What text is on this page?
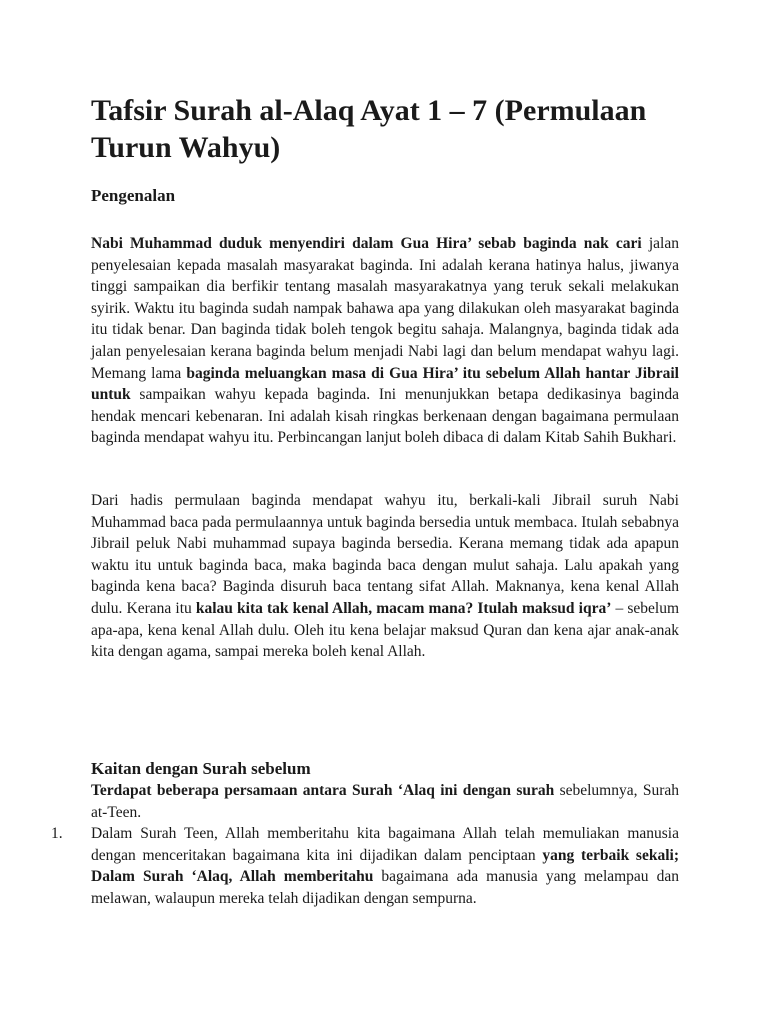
Tafsir Surah al-Alaq Ayat 1 – 7 (Permulaan Turun Wahyu)
Pengenalan

Nabi Muhammad duduk menyendiri dalam Gua Hira’ sebab baginda nak cari jalan penyelesaian kepada masalah masyarakat baginda. Ini adalah kerana hatinya halus, jiwanya tinggi sampaikan dia berfikir tentang masalah masyarakatnya yang teruk sekali melakukan syirik. Waktu itu baginda sudah nampak bahawa apa yang dilakukan oleh masyarakat baginda itu tidak benar. Dan baginda tidak boleh tengok begitu sahaja. Malangnya, baginda tidak ada jalan penyelesaian kerana baginda belum menjadi Nabi lagi dan belum mendapat wahyu lagi. Memang lama baginda meluangkan masa di Gua Hira’ itu sebelum Allah hantar Jibrail untuk sampaikan wahyu kepada baginda. Ini menunjukkan betapa dedikasinya baginda hendak mencari kebenaran. Ini adalah kisah ringkas berkenaan dengan bagaimana permulaan baginda mendapat wahyu itu. Perbincangan lanjut boleh dibaca di dalam Kitab Sahih Bukhari.

Dari hadis permulaan baginda mendapat wahyu itu, berkali-kali Jibrail suruh Nabi Muhammad baca pada permulaannya untuk baginda bersedia untuk membaca. Itulah sebabnya Jibrail peluk Nabi muhammad supaya baginda bersedia. Kerana memang tidak ada apapun waktu itu untuk baginda baca, maka baginda baca dengan mulut sahaja. Lalu apakah yang baginda kena baca? Baginda disuruh baca tentang sifat Allah. Maknanya, kena kenal Allah dulu. Kerana itu kalau kita tak kenal Allah, macam mana? Itulah maksud iqra’ – sebelum apa-apa, kena kenal Allah dulu. Oleh itu kena belajar maksud Quran dan kena ajar anak-anak kita dengan agama, sampai mereka boleh kenal Allah.

Kaitan dengan Surah sebelum

Terdapat beberapa persamaan antara Surah ‘Alaq ini dengan surah sebelumnya, Surah at-Teen.

1. Dalam Surah Teen, Allah memberitahu kita bagaimana Allah telah memuliakan manusia dengan menceritakan bagaimana kita ini dijadikan dalam penciptaan yang terbaik sekali; Dalam Surah ‘Alaq, Allah memberitahu bagaimana ada manusia yang melampau dan melawan, walaupun mereka telah dijadikan dengan sempurna.
